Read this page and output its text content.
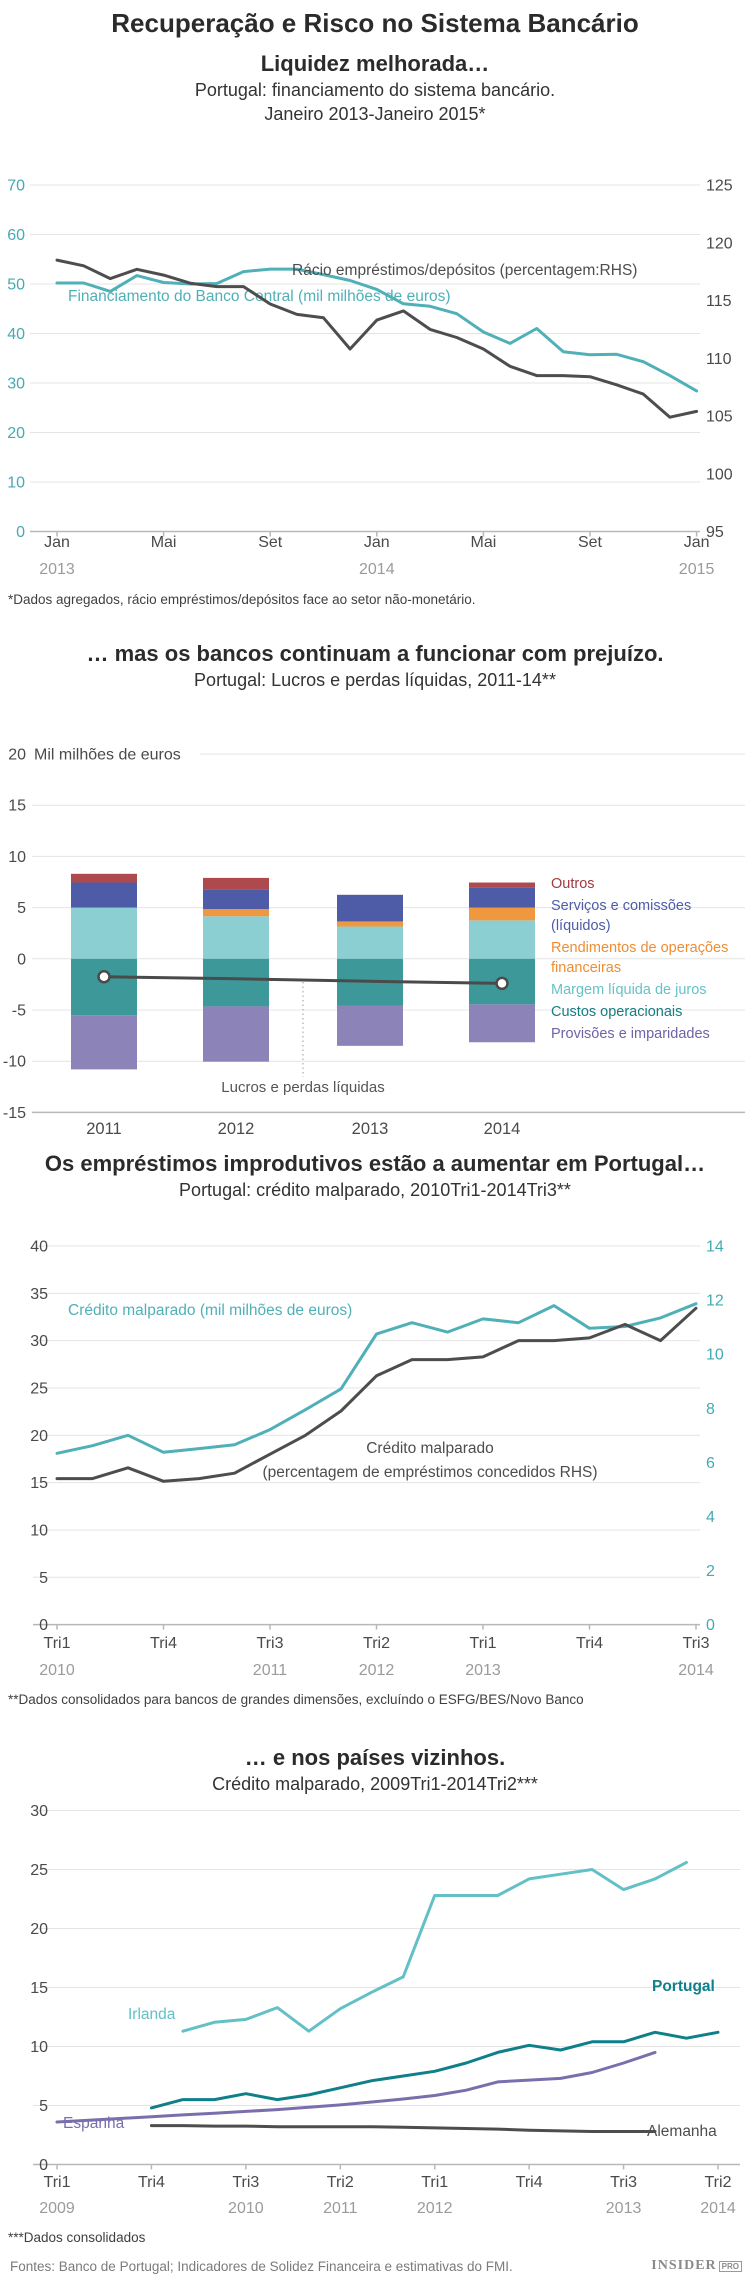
Recuperação e Risco no Sistema Bancário
Liquidez melhorada…
Portugal: financiamento do sistema bancário.
Janeiro 2013-Janeiro 2015*
70
60
50
40
30
20
10
0
125
120
115
110
105
100
95
Jan
2013
Mai	Set	Jan
2014
Mai	Set	Jan
2015
Financiamento do Banco Central (mil milhões de euros)
Rácio empréstimos/depósitos (percentagem:RHS)
*Dados agregados, rácio empréstimos/depósitos face ao setor não-monetário.
… mas os bancos continuam a funcionar com prejuízo.
Portugal: Lucros e perdas líquidas, 2011-14**
20 Mil milhões de euros
15
10
5
0
-5
-10
-15
2011	2012	2013	2014
Lucros e perdas líquidas
Outros
Serviços e comissões (líquidos)
Rendimentos de operações financeiras
Margem líquida de juros
Custos operacionais
Provisões e imparidades
Os empréstimos improdutivos estão a aumentar em Portugal…
Portugal: crédito malparado, 2010Tri1-2014Tri3**
40
35
30
25
20
15
10
5
0
14
12
10
8
6
4
2
0
Tri1
2010
Tri4	Tri3
2011
Tri2
2012
Tri1
2013
Tri4	Tri3
2014
Crédito malparado (mil milhões de euros)
Crédito malparado
(percentagem de empréstimos concedidos RHS)
**Dados consolidados para bancos de grandes dimensões, excluíndo o ESFG/BES/Novo Banco
… e nos países vizinhos.
Crédito malparado, 2009Tri1-2014Tri2***
30
25
20
15
10
5
0
Tri1
2009
Tri4	Tri3
2010
Tri2
2011
Tri1
2012
Tri4	Tri3
2013
Tri2
2014
Irlanda
Portugal
Espanha	Alemanha
***Dados consolidados
Fontes: Banco de Portugal; Indicadores de Solidez Financeira e estimativas do FMI.	INSIDER PRO
